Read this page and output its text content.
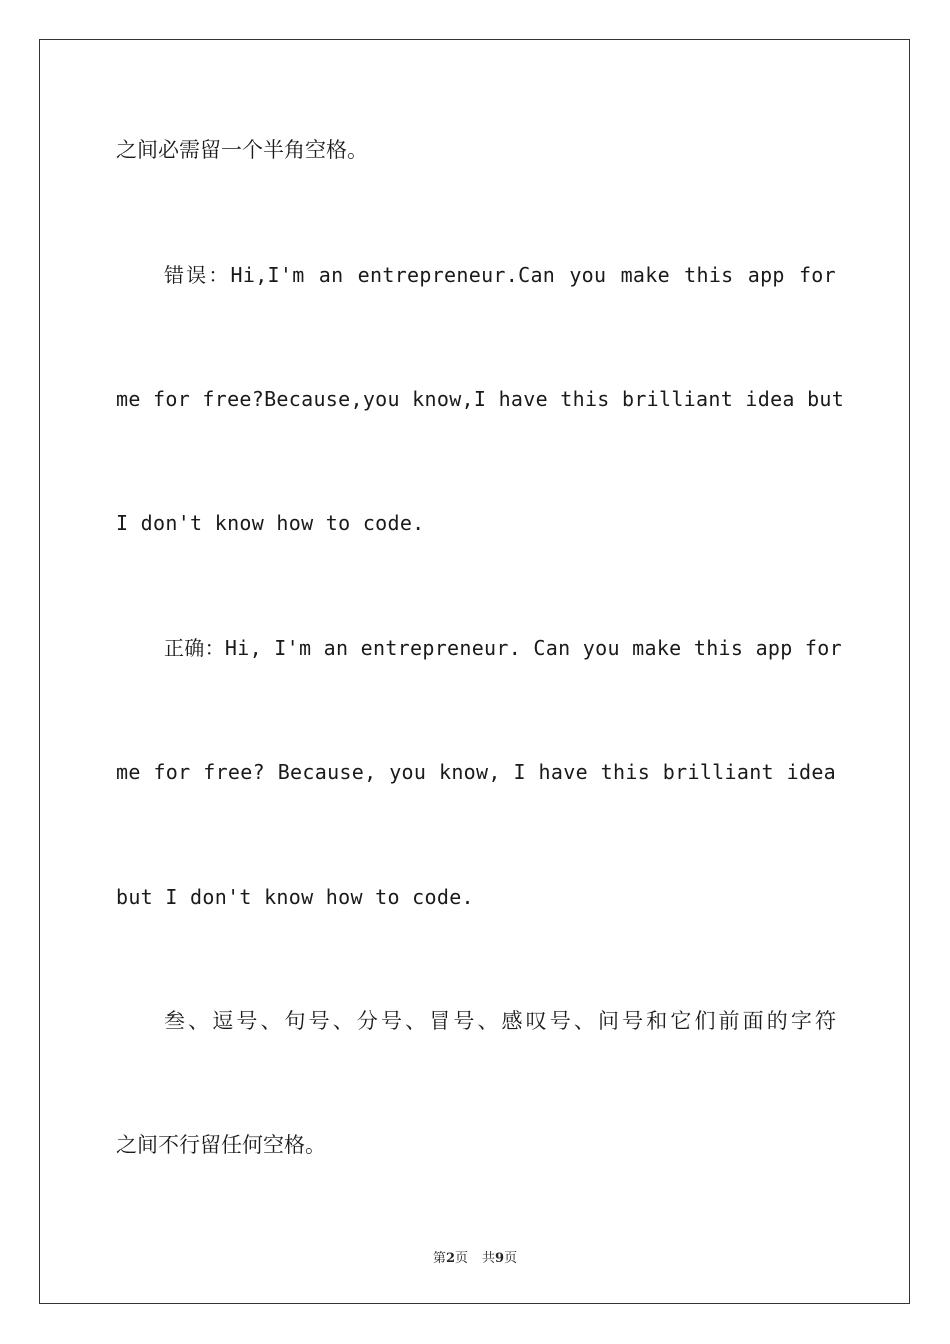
之间必需留一个半角空格。
错误：Hi,I'm an entrepreneur.Can you make this app for
me for free?Because,you know,I have this brilliant idea but
I don't know how to code.
正确：Hi, I'm an entrepreneur. Can you make this app for
me for free? Because, you know, I have this brilliant idea
but I don't know how to code.
叁、逗号、句号、分号、冒号、感叹号、问号和它们前面的字符
之间不行留任何空格。
第2页 共9页
